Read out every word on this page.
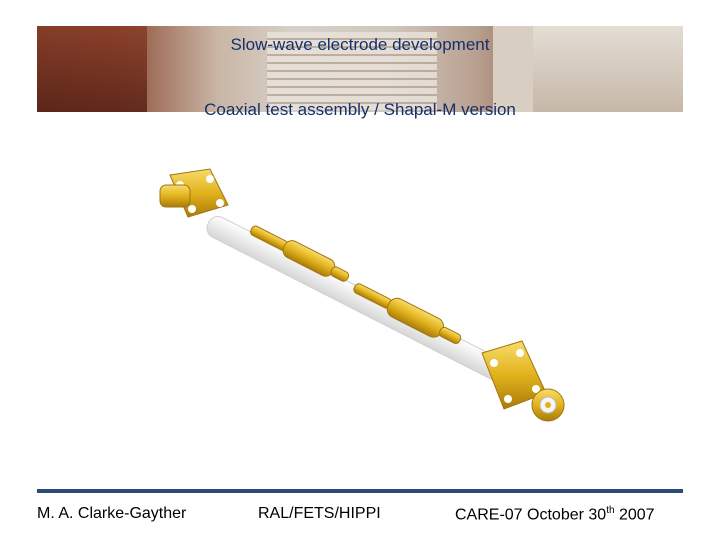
Slow-wave electrode development
Coaxial test assembly / Shapal-M version
M. A. Clarke-Gayther	RAL/FETS/HIPPI	CARE-07 October 30th 2007
